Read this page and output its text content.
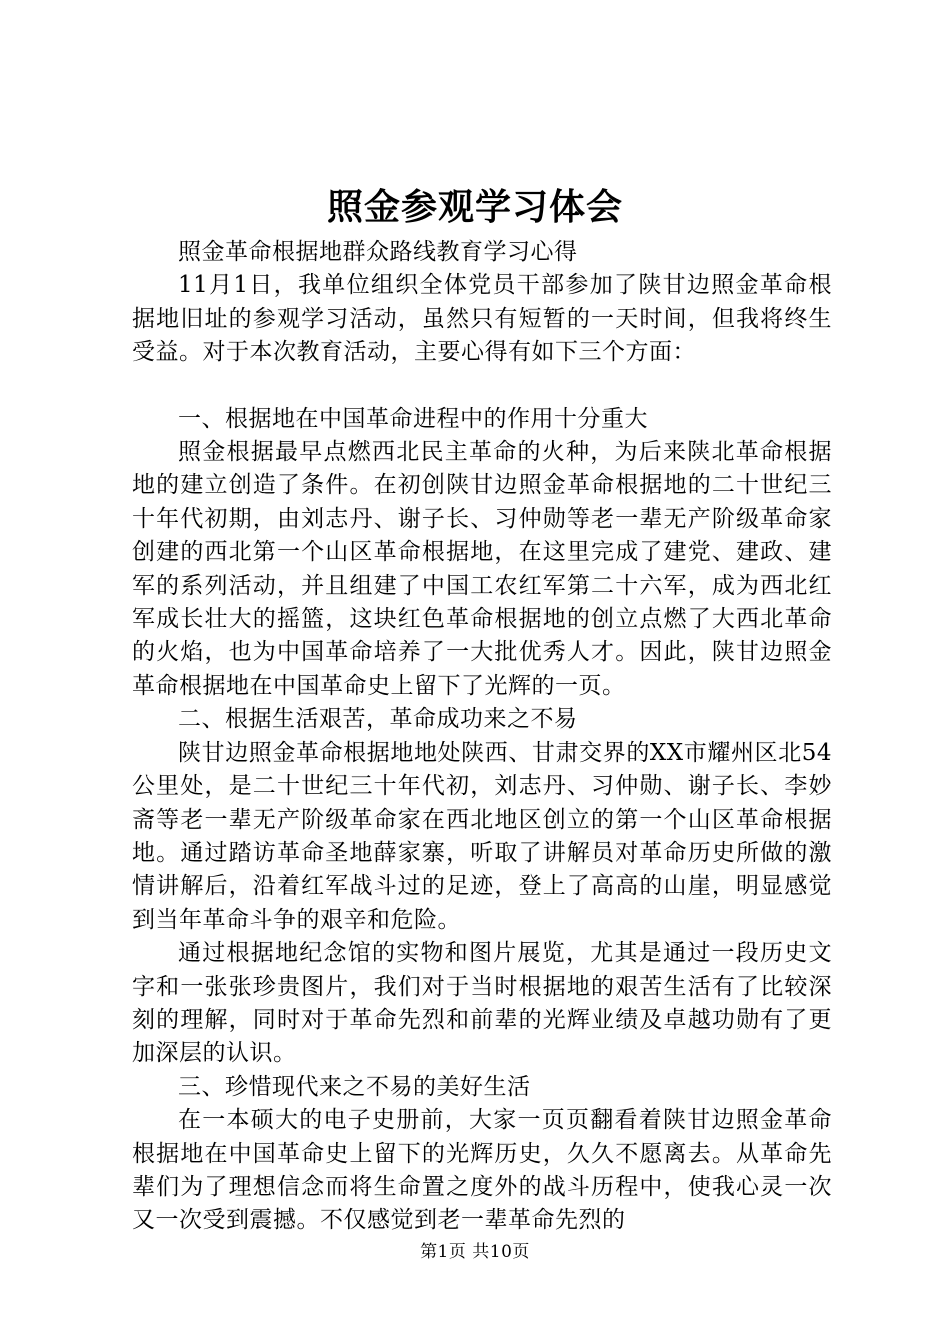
照金参观学习体会

照金革命根据地群众路线教育学习心得

11月1日，我单位组织全体党员干部参加了陕甘边照金革命根据地旧址的参观学习活动，虽然只有短暂的一天时间，但我将终生受益。对于本次教育活动，主要心得有如下三个方面：

一、根据地在中国革命进程中的作用十分重大

照金根据最早点燃西北民主革命的火种，为后来陕北革命根据地的建立创造了条件。在初创陕甘边照金革命根据地的二十世纪三十年代初期，由刘志丹、谢子长、习仲勋等老一辈无产阶级革命家创建的西北第一个山区革命根据地，在这里完成了建党、建政、建军的系列活动，并且组建了中国工农红军第二十六军，成为西北红军成长壮大的摇篮，这块红色革命根据地的创立点燃了大西北革命的火焰，也为中国革命培养了一大批优秀人才。因此，陕甘边照金革命根据地在中国革命史上留下了光辉的一页。

二、根据生活艰苦，革命成功来之不易

陕甘边照金革命根据地地处陕西、甘肃交界的XX市耀州区北54公里处，是二十世纪三十年代初，刘志丹、习仲勋、谢子长、李妙斋等老一辈无产阶级革命家在西北地区创立的第一个山区革命根据地。通过踏访革命圣地薛家寨，听取了讲解员对革命历史所做的激情讲解后，沿着红军战斗过的足迹，登上了高高的山崖，明显感觉到当年革命斗争的艰辛和危险。

通过根据地纪念馆的实物和图片展览，尤其是通过一段历史文字和一张张珍贵图片，我们对于当时根据地的艰苦生活有了比较深刻的理解，同时对于革命先烈和前辈的光辉业绩及卓越功勋有了更加深层的认识。

三、珍惜现代来之不易的美好生活

在一本硕大的电子史册前，大家一页页翻看着陕甘边照金革命根据地在中国革命史上留下的光辉历史，久久不愿离去。从革命先辈们为了理想信念而将生命置之度外的战斗历程中，使我心灵一次又一次受到震撼。不仅感觉到老一辈革命先烈的

第1页 共10页
